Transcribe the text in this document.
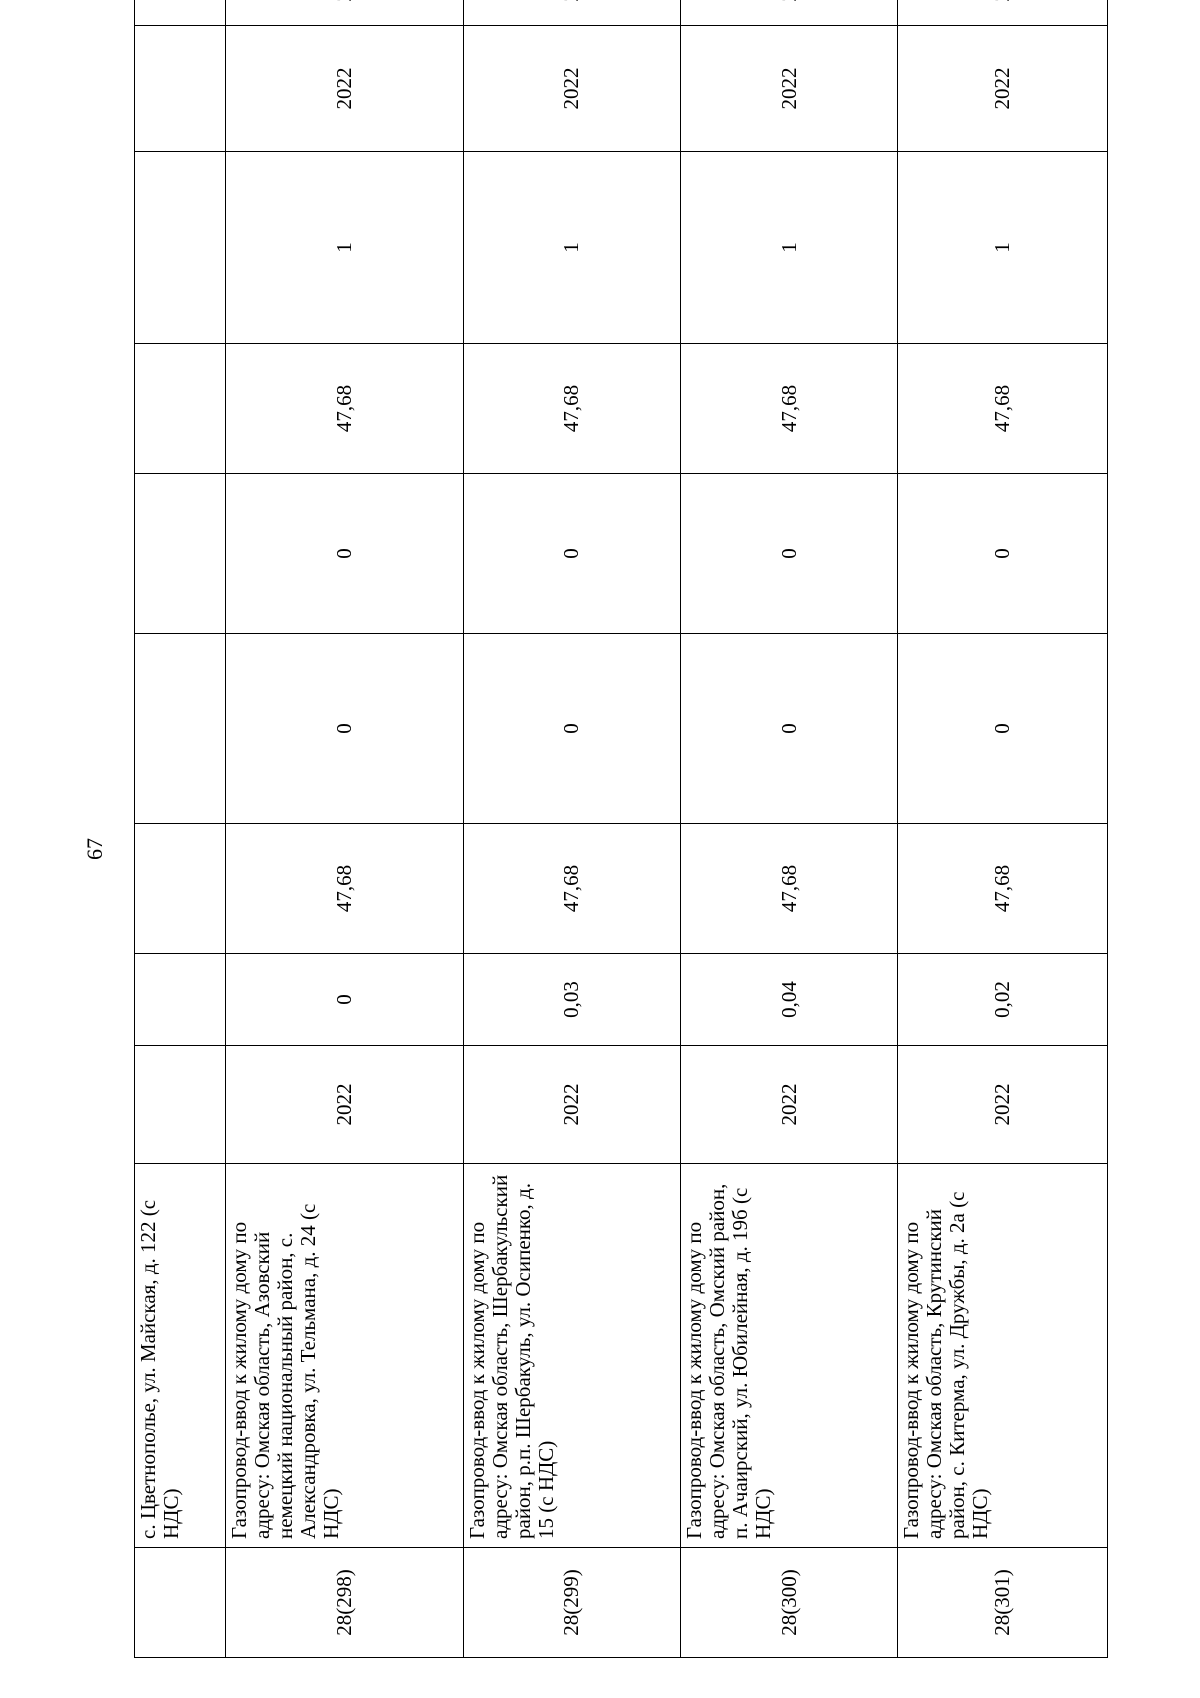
67
	с. Цветнополье, ул. Майская, д. 122 (с НДС)									
28(298)	Газопровод-ввод к жилому дому по адресу: Омская область, Азовский немецкий национальный район, с. Александровка, ул. Тельмана, д. 24 (с НДС)	2022	0	47,68	0	0	47,68	1	2022	
28(299)	Газопровод-ввод к жилому дому по адресу: Омская область, Шербакульский район, р.п. Шербакуль, ул. Осипенко, д. 15 (с НДС)	2022	0,03	47,68	0	0	47,68	1	2022	
28(300)	Газопровод-ввод к жилому дому по адресу: Омская область, Омский район, п. Ачаирский, ул. Юбилейная, д. 19б (с НДС)	2022	0,04	47,68	0	0	47,68	1	2022	
28(301)	Газопровод-ввод к жилому дому по адресу: Омская область, Крутинский район, с. Китерма, ул. Дружбы, д. 2а (с НДС)	2022	0,02	47,68	0	0	47,68	1	2022	
